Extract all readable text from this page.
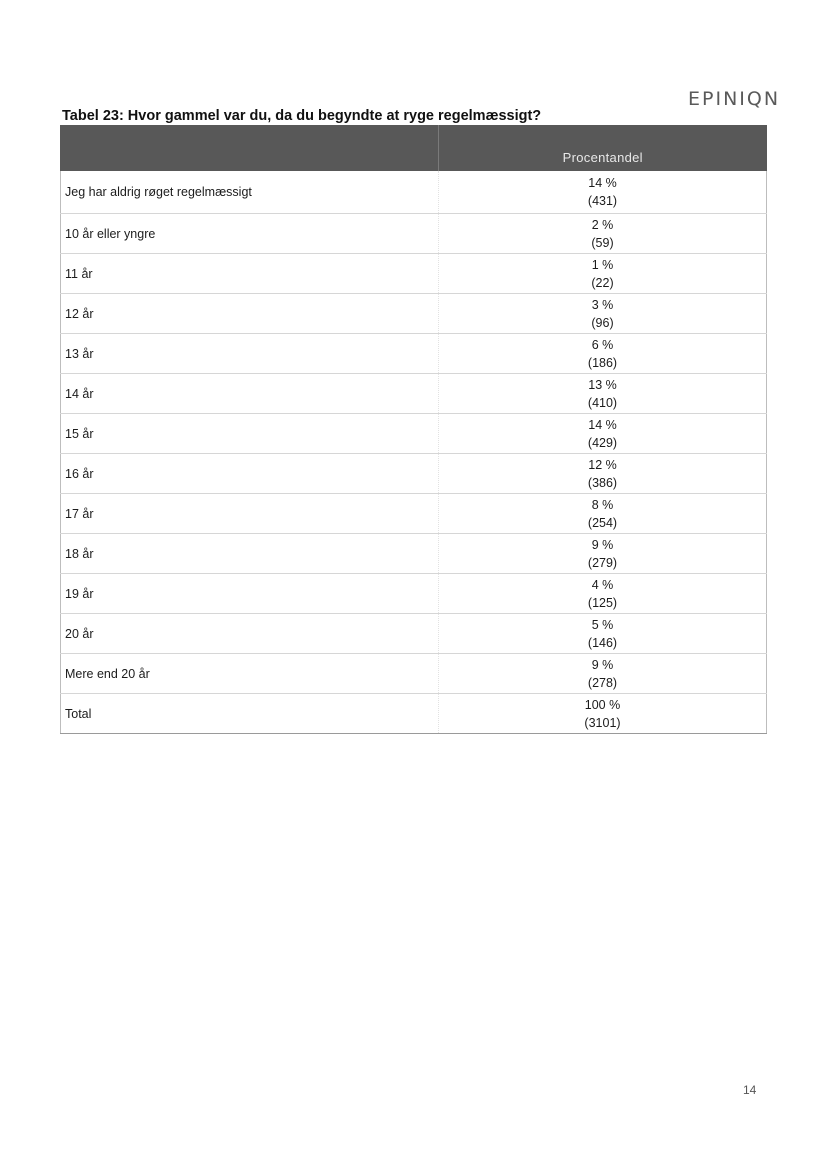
EPINIQN
Tabel 23: Hvor gammel var du, da du begyndte at ryge regelmæssigt?
	Procentandel
Jeg har aldrig røget regelmæssigt	14 %
(431)

10 år eller yngre	2 %
(59)

11 år	1 %
(22)

12 år	3 %
(96)

13 år	6 %
(186)

14 år	13 %
(410)

15 år	14 %
(429)

16 år	12 %
(386)

17 år	8 %
(254)

18 år	9 %
(279)

19 år	4 %
(125)

20 år	5 %
(146)

Mere end 20 år	9 %
(278)

Total	100 %
(3101)
14
